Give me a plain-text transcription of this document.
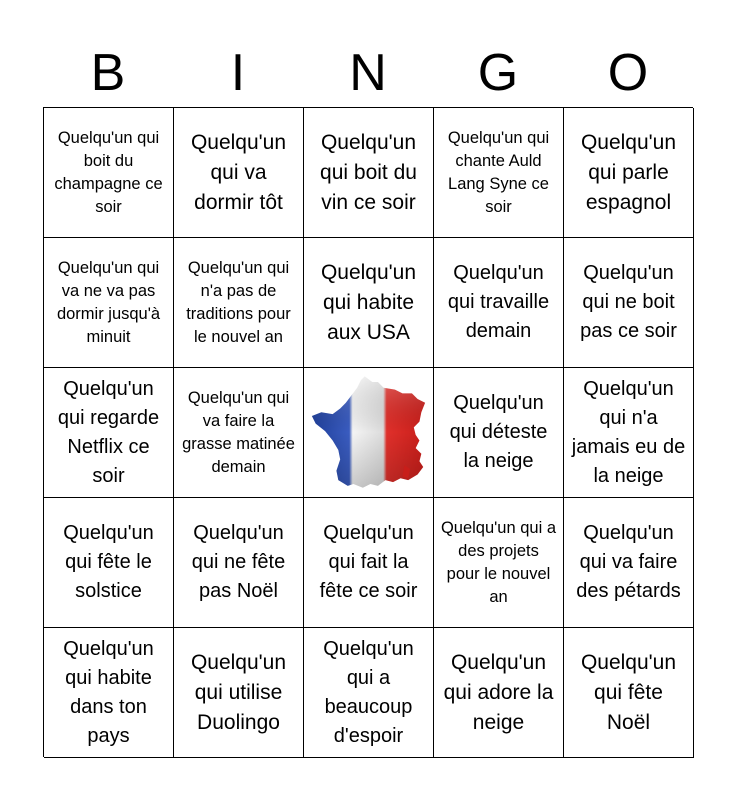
B	I	N	G	O
Quelqu'un qui boit du champagne ce soir
Quelqu'un qui va dormir tôt
Quelqu'un qui boit du vin ce soir
Quelqu'un qui chante Auld Lang Syne ce soir
Quelqu'un qui parle espagnol
Quelqu'un qui va ne va pas dormir jusqu'à minuit
Quelqu'un qui n'a pas de traditions pour le nouvel an
Quelqu'un qui habite aux USA
Quelqu'un qui travaille demain
Quelqu'un qui ne boit pas ce soir
Quelqu'un qui regarde Netflix ce soir
Quelqu'un qui va faire la grasse matinée demain
Quelqu'un qui déteste la neige
Quelqu'un qui n'a jamais eu de la neige
Quelqu'un qui fête le solstice
Quelqu'un qui ne fête pas Noël
Quelqu'un qui fait la fête ce soir
Quelqu'un qui a des projets pour le nouvel an
Quelqu'un qui va faire des pétards
Quelqu'un qui habite dans ton pays
Quelqu'un qui utilise Duolingo
Quelqu'un qui a beaucoup d'espoir
Quelqu'un qui adore la neige
Quelqu'un qui fête Noël
